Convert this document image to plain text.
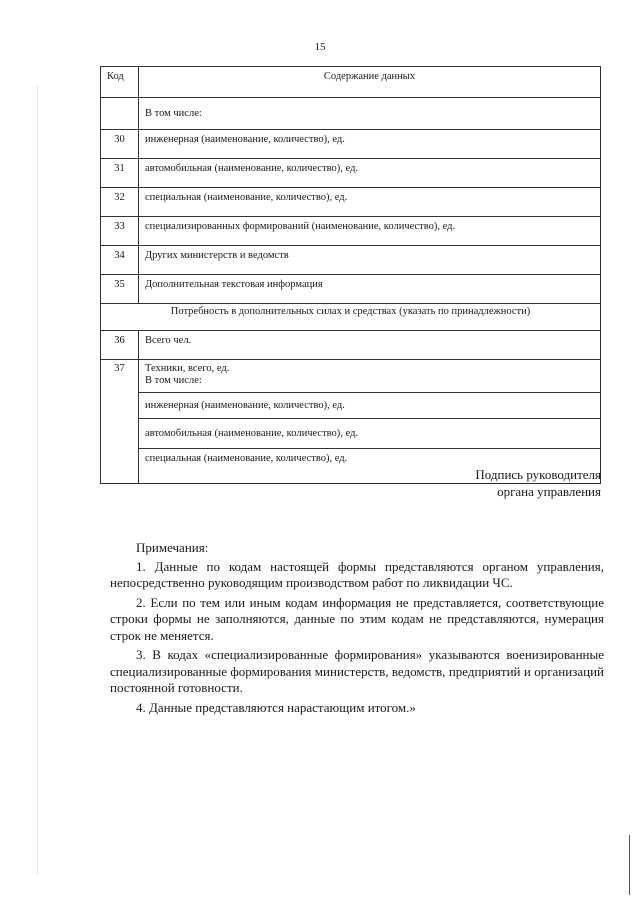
15
Код	Содержание данных
	В том числе:
30	инженерная (наименование, количество), ед.
31	автомобильная (наименование, количество), ед.
32	специальная (наименование, количество), ед.
33	специализированных формирований (наименование, количество), ед.
34	Других министерств и ведомств
35	Дополнительная текстовая информация
Потребность в дополнительных силах и средствах (указать по принадлежности)	
36	Всего чел.
37	Техники, всего, ед.
В том числе:

	инженерная (наименование, количество), ед.
	автомобильная (наименование, количество), ед.
	специальная (наименование, количество), ед.
Подпись руководителя
органа управления
Примечания:

1. Данные по кодам настоящей формы представляются органом управления, непосредственно руководящим производством работ по ликвидации ЧС.

2. Если по тем или иным кодам информация не представляется, соответствующие строки формы не заполняются, данные по этим кодам не представляются, нумерация строк не меняется.

3. В кодах «специализированные формирования» указываются военизированные специализированные формирования министерств, ведомств, предприятий и организаций постоянной готовности.

4. Данные представляются нарастающим итогом.»
